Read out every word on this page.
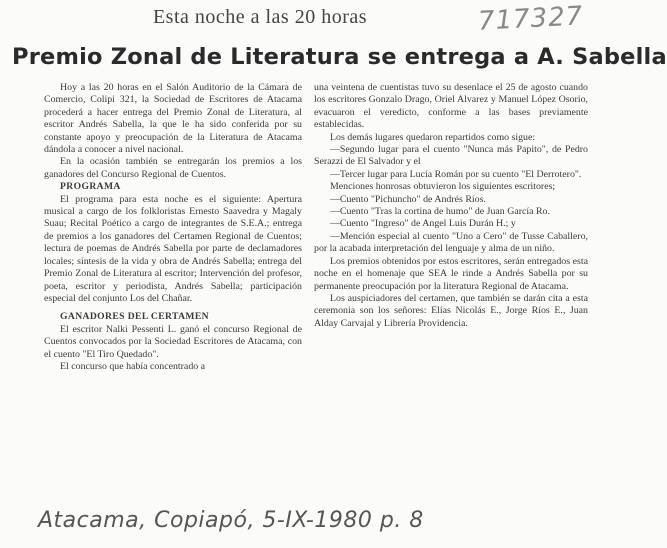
Esta noche a las 20 horas	717327
Premio Zonal de Literatura se entrega a A. Sabella

Hoy a las 20 horas en el Salón Auditorio de la Cámara de Comercio, Colipi 321, la Sociedad de Escritores de Atacama procederá a hacer entrega del Premio Zonal de Literatura, al escritor Andrés Sabella, la que le ha sido conferida por su constante apoyo y preocupación de la Literatura de Atacama dándola a conocer a nivel nacional.

En la ocasión también se entregarán los premios a los ganadores del Concurso Regional de Cuentos.

PROGRAMA

El programa para esta noche es el siguiente: Apertura musical a cargo de los folkloristas Ernesto Saavedra y Magaly Suau; Recital Poético a cargo de integrantes de S.E.A.; entrega de premios a los ganadores del Certamen Regional de Cuentos; lectura de poemas de Andrés Sabella por parte de declamadores locales; síntesis de la vida y obra de Andrés Sabella; entrega del Premio Zonal de Literatura al escritor; Intervención del profesor, poeta, escritor y periodista, Andrés Sabella; participación especial del conjunto Los del Chañar.

GANADORES DEL CERTAMEN

El escritor Nalki Pessenti L. ganó el concurso Regional de Cuentos convocados por la Sociedad Escritores de Atacama, con el cuento "El Tiro Quedado".

El concurso que había concentrado a

una veintena de cuentistas tuvo su desenlace el 25 de agosto cuando los escritores Gonzalo Drago, Oriel Alvarez y Manuel López Osorio, evacuaron el veredicto, conforme a las bases previamente establecidas.

Los demás lugares quedaron repartidos como sigue:

—Segundo lugar para el cuento "Nunca más Papito", de Pedro Serazzi de El Salvador y el

—Tercer lugar para Lucía Román por su cuento "El Derrotero".

Menciones honrosas obtuvieron los siguientes escritores;

—Cuento "Pichuncho" de Andrés Ríos.

—Cuento "Tras la cortina de humo" de Juan García Ro.

—Cuento "Ingreso" de Angel Luis Durán H.; y

—Mención especial al cuento "Uno a Cero" de Tusse Caballero, por la acabada interpretación del lenguaje y alma de un niño.

Los premios obtenidos por estos escritores, serán entregados esta noche en el homenaje que SEA le rinde a Andrés Sabella por su permanente preocupación por la literatura Regional de Atacama.

Los auspiciadores del certamen, que también se darán cita a esta ceremonia son los señores: Elías Nicolás E., Jorge Ríos E., Juan Alday Carvajal y Librería Providencia.

Atacama, Copiapó, 5-IX-1980 p. 8
